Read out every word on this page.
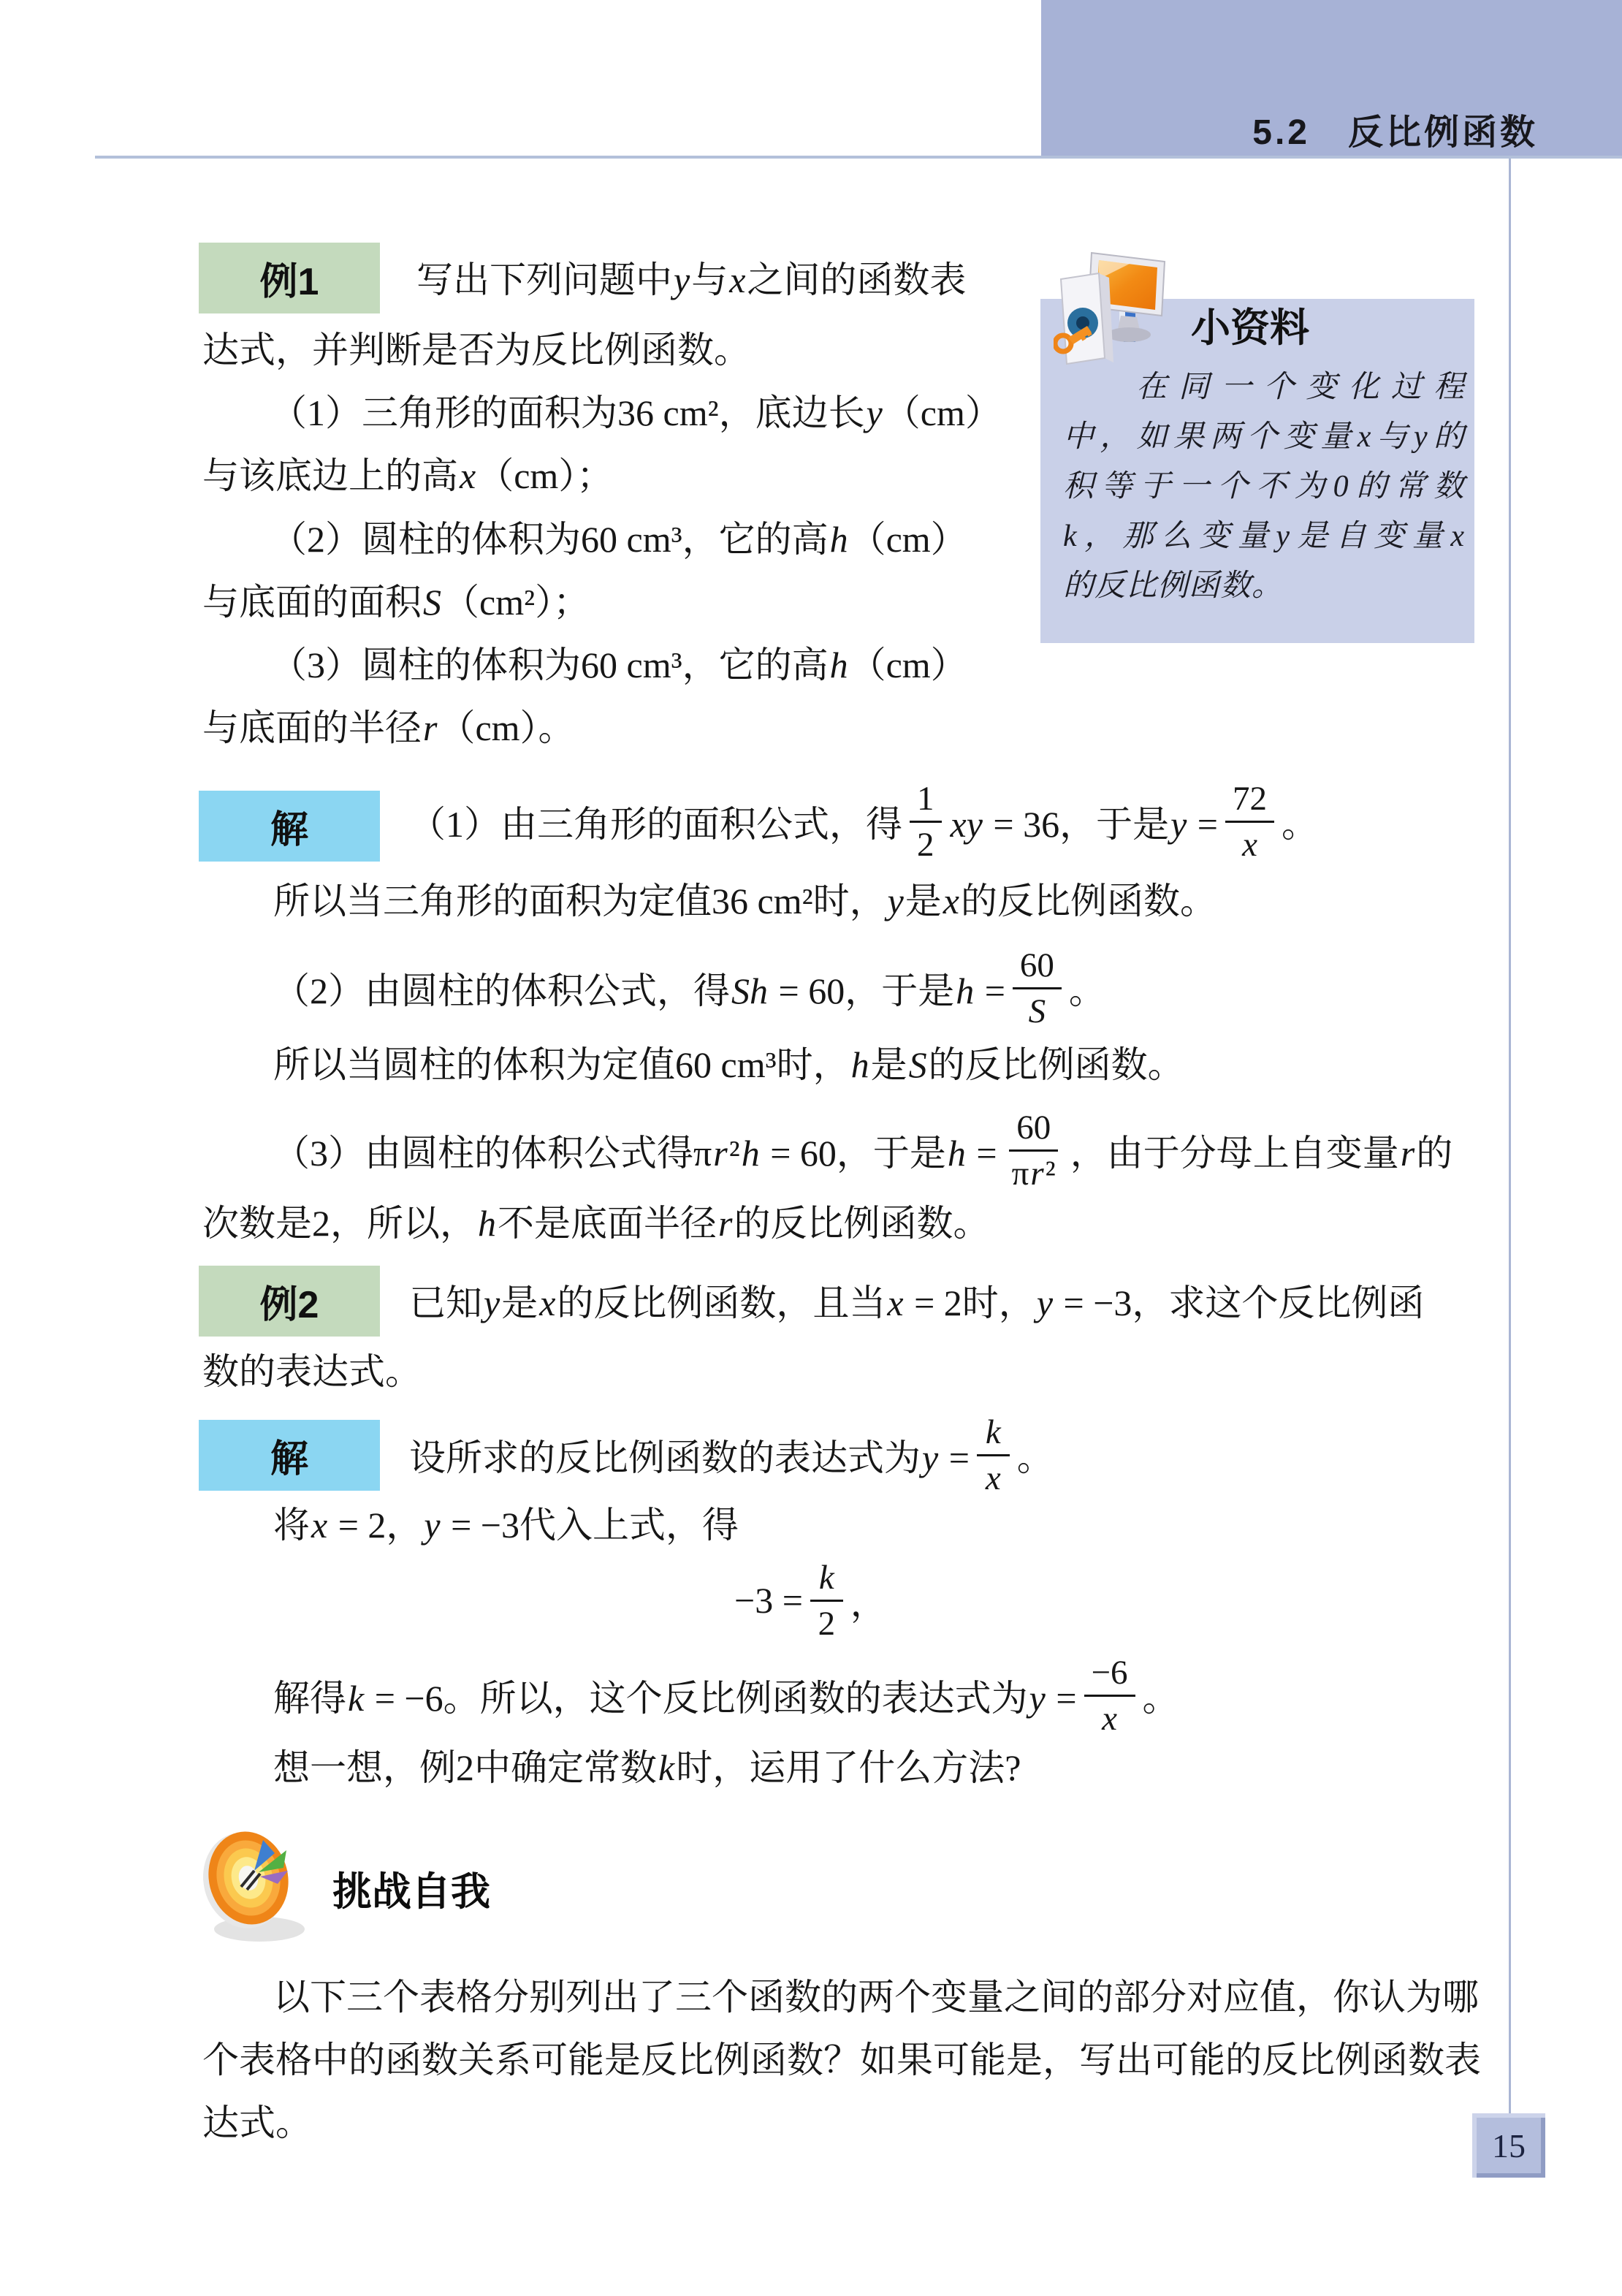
5.2　反比例函数
例1	写出下列问题中y与x之间的函数表
达式，并判断是否为反比例函数。
（1）三角形的面积为36 cm²，底边长y（cm）
与该底边上的高x（cm）；
（2）圆柱的体积为60 cm³，它的高h（cm）
与底面的面积S（cm²）；
（3）圆柱的体积为60 cm³，它的高h（cm）
与底面的半径r（cm）。
小资料
在同一个变化过程
中，如果两个变量x与y的
积等于一个不为0的常数
k，那么变量y是自变量x
的反比例函数。
解	（1）由三角形的面积公式，得 $\frac{1}{2}$ xy = 36，于是$y = \frac{72}{x}$ 。
所以当三角形的面积为定值36 cm²时，y是x的反比例函数。
（2）由圆柱的体积公式，得Sh = 60，于是$h = \frac{60}{S}$ 。
所以当圆柱的体积为定值60 cm³时，h是S的反比例函数。
（3）由圆柱的体积公式得πr²h = 60，于是$h = \frac{60}{\text{πr²}}$ ，由于分母上自变量r的
次数是2，所以，h不是底面半径r的反比例函数。
例2 已知y是x的反比例函数，且当x = 2时，y = −3，求这个反比例函
数的表达式。
解	设所求的反比例函数的表达式为$y = \frac{k}{x}$ 。
将x = 2，y = −3代入上式，得
$-3 = \frac{k}{2}$ ，
解得k = −6。所以，这个反比例函数的表达式为$y = \frac{-6}{x}$ 。
想一想，例2中确定常数k时，运用了什么方法?
挑战自我
以下三个表格分别列出了三个函数的两个变量之间的部分对应值，你认为哪
个表格中的函数关系可能是反比例函数？如果可能是，写出可能的反比例函数表
达式。
15
